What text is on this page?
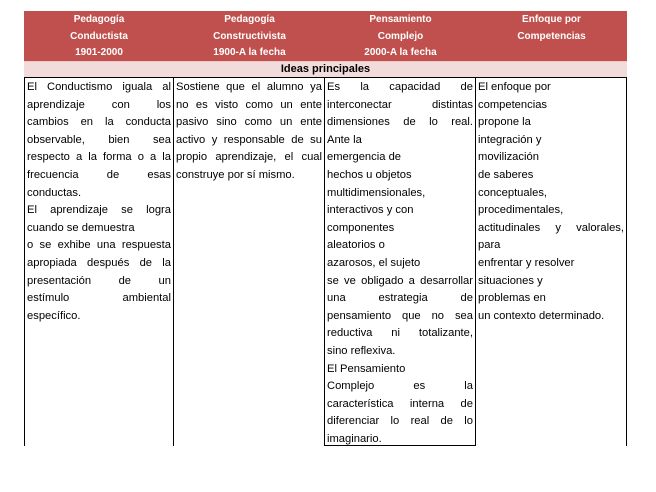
Pedagogía
Conductista
1901-2000
Pedagogía
Constructivista
1900-A la fecha
Pensamiento
Complejo
2000-A la fecha
Enfoque por
Competencias
Ideas principales
El Conductismo iguala al
aprendizaje con los
cambios en la conducta
observable, bien sea
respecto a la forma o a la
frecuencia de esas
conductas.
El aprendizaje se logra
cuando se demuestra
o se exhibe una respuesta
apropiada después de la
presentación de un
estímulo ambiental
específico.
Sostiene que el alumno ya
no es visto como un ente
pasivo sino como un ente
activo y responsable de su
propio aprendizaje, el cual
construye por sí mismo.
Es la capacidad de
interconectar distintas
dimensiones de lo real.
Ante la
emergencia de
hechos u objetos
multidimensionales,
interactivos y con
componentes
aleatorios o
azarosos, el sujeto
se ve obligado a desarrollar
una estrategia de
pensamiento que no sea
reductiva ni totalizante,
sino reflexiva.
El Pensamiento
Complejo es la
característica interna de
diferenciar lo real de lo
imaginario.
El enfoque por
competencias
propone la
integración y
movilización
de saberes
conceptuales,
procedimentales,
actitudinales y valorales,
para
enfrentar y resolver
situaciones y
problemas en
un contexto determinado.
